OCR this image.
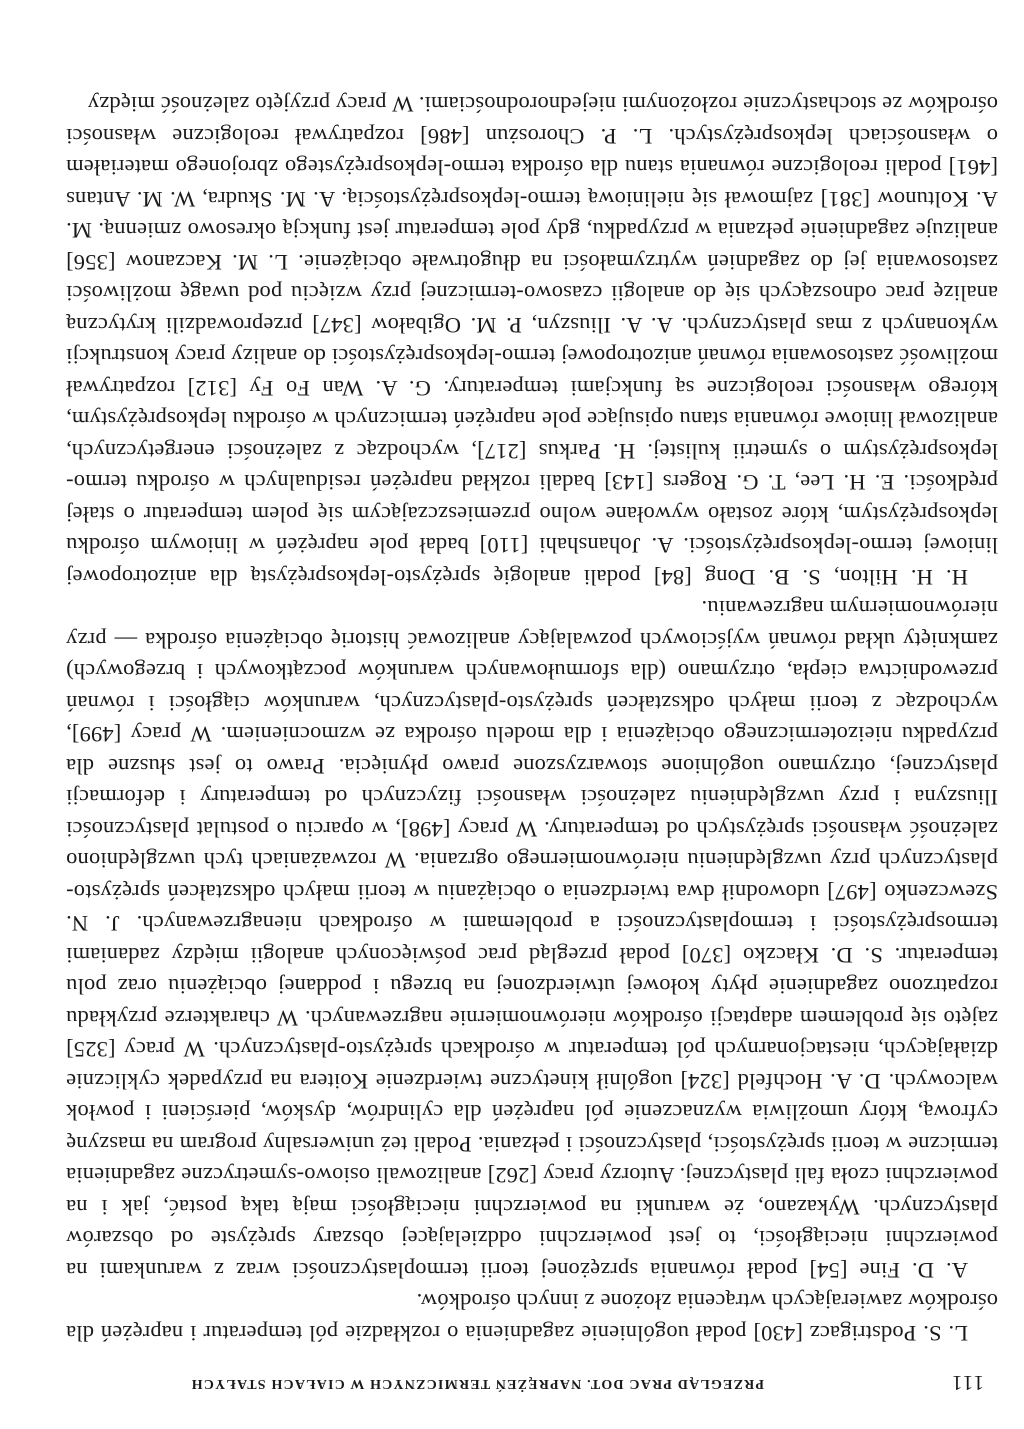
111
PRZEGLĄD PRAC DOT. NAPRĘŻEŃ TERMICZNYCH W CIAŁACH STAŁYCH

L. S. Podstrigacz [430] podał uogólnienie zagadnienia o rozkładzie pól temperatur i naprężeń dla ośrodków zawierających wtrącenia złożone z innych ośrodków.

A. D. Fine [54] podał równania sprzężonej teorii termoplastyczności wraz z warunkami na powierzchni nieciągłości, to jest powierzchni oddzielającej obszary sprężyste od obszarów plastycznych. Wykazano, że warunki na powierzchni nieciągłości mają taką postać, jak i na powierzchni czoła fali plastycznej. Autorzy pracy [262] analizowali osiowo-symetryczne zagadnienia termiczne w teorii sprężystości, plastyczności i pełzania. Podali też uniwersalny program na maszynę cyfrową, który umożliwia wyznaczenie pól naprężeń dla cylindrów, dysków, pierścieni i powłok walcowych. D. A. Hochfeld [324] uogólnił kinetyczne twierdzenie Koitera na przypadek cyklicznie działających, niestacjonarnych pól temperatur w ośrodkach sprężysto-plastycznych. W pracy [325] zajęto się problemem adaptacji ośrodków nierównomiernie nagrzewanych. W charakterze przykładu rozpatrzono zagadnienie płyty kołowej utwierdzonej na brzegu i poddanej obciążeniu oraz polu temperatur. S. D. Kłaczko [370] podał przegląd prac poświęconych analogii między zadaniami termosprężystości i termoplastyczności a problemami w ośrodkach nienagrzewanych. J. N. Szewczenko [497] udowodnił dwa twierdzenia o obciążaniu w teorii małych odkształceń sprężysto-plastycznych przy uwzględnieniu nierównomiernego ogrzania. W rozważaniach tych uwzględniono zależność własności sprężystych od temperatury. W pracy [498], w oparciu o postulat plastyczności Iliuszyna i przy uwzględnieniu zależności własności fizycznych od temperatury i deformacji plastycznej, otrzymano uogólnione stowarzyszone prawo płynięcia. Prawo to jest słuszne dla przypadku nieizotermicznego obciążenia i dla modelu ośrodka ze wzmocnieniem. W pracy [499], wychodząc z teorii małych odkształceń sprężysto-plastycznych, warunków ciągłości i równań przewodnictwa ciepła, otrzymano (dla sformułowanych warunków początkowych i brzegowych) zamknięty układ równań wyjściowych pozwalający analizować historię obciążenia ośrodka — przy nierównomiernym nagrzewaniu.

H. H. Hilton, S. B. Dong [84] podali analogię sprężysto-lepkosprężystą dla anizotropowej liniowej termo-lepkosprężystości. A. Johanshahi [110] badał pole naprężeń w liniowym ośrodku lepkosprężystym, które zostało wywołane wolno przemieszczającym się polem temperatur o stałej prędkości. E. H. Lee, T. G. Rogers [143] badali rozkład naprężeń residualnych w ośrodku termo-lepkosprężystym o symetrii kulistej. H. Parkus [217], wychodząc z zależności energetycznych, analizował liniowe równania stanu opisujące pole naprężeń termicznych w ośrodku lepkosprężystym, którego własności reologiczne są funkcjami temperatury. G. A. Wan Fo Fy [312] rozpatrywał możliwość zastosowania równań anizotropowej termo-lepkosprężystości do analizy pracy konstrukcji wykonanych z mas plastycznych. A. A. Iliuszyn, P. M. Ogibałow [347] przeprowadzili krytyczną analizę prac odnoszących się do analogii czasowo-termicznej przy wzięciu pod uwagę możliwości zastosowania jej do zagadnień wytrzymałości na długotrwałe obciążenie. L. M. Kaczanow [356] analizuje zagadnienie pełzania w przypadku, gdy pole temperatur jest funkcją okresowo zmienną. M. A. Koltunow [381] zajmował się nieliniową termo-lepkosprężystością. A. M. Skudra, W. M. Antans [461] podali reologiczne równania stanu dla ośrodka termo-lepkosprężystego zbrojonego materiałem o własnościach lepkosprężystych. L. P. Chorosżun [486] rozpatrywał reologiczne własności ośrodków ze stochastycznie rozłożonymi niejednorodnościami. W pracy przyjęto zależność między
